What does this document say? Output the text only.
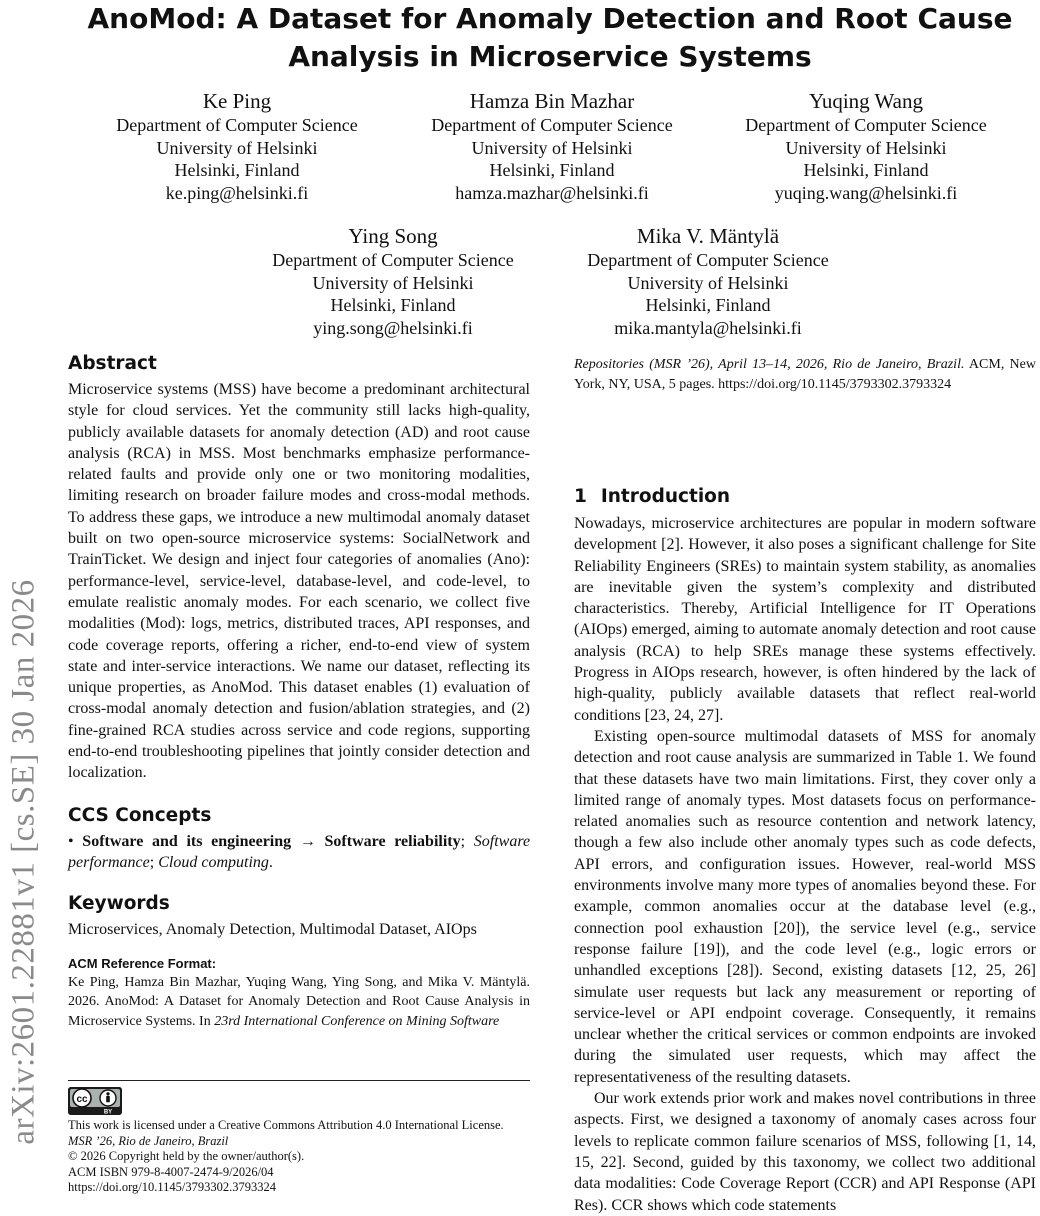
AnoMod: A Dataset for Anomaly Detection and Root Cause Analysis in Microservice Systems
Ke Ping
Department of Computer Science
University of Helsinki
Helsinki, Finland
ke.ping@helsinki.fi
Hamza Bin Mazhar
Department of Computer Science
University of Helsinki
Helsinki, Finland
hamza.mazhar@helsinki.fi
Yuqing Wang
Department of Computer Science
University of Helsinki
Helsinki, Finland
yuqing.wang@helsinki.fi
Ying Song
Department of Computer Science
University of Helsinki
Helsinki, Finland
ying.song@helsinki.fi
Mika V. Mäntylä
Department of Computer Science
University of Helsinki
Helsinki, Finland
mika.mantyla@helsinki.fi
arXiv:2601.22881v1 [cs.SE] 30 Jan 2026
Abstract

Microservice systems (MSS) have become a predominant architectural style for cloud services. Yet the community still lacks high-quality, publicly available datasets for anomaly detection (AD) and root cause analysis (RCA) in MSS. Most benchmarks emphasize performance-related faults and provide only one or two monitoring modalities, limiting research on broader failure modes and cross-modal methods. To address these gaps, we introduce a new multimodal anomaly dataset built on two open-source microservice systems: SocialNetwork and TrainTicket. We design and inject four categories of anomalies (Ano): performance-level, service-level, database-level, and code-level, to emulate realistic anomaly modes. For each scenario, we collect five modalities (Mod): logs, metrics, distributed traces, API responses, and code coverage reports, offering a richer, end-to-end view of system state and inter-service interactions. We name our dataset, reflecting its unique properties, as AnoMod. This dataset enables (1) evaluation of cross-modal anomaly detection and fusion/ablation strategies, and (2) fine-grained RCA studies across service and code regions, supporting end-to-end troubleshooting pipelines that jointly consider detection and localization.

CCS Concepts

• Software and its engineering → Software reliability; Software performance; Cloud computing.

Keywords

Microservices, Anomaly Detection, Multimodal Dataset, AIOps

ACM Reference Format:

Ke Ping, Hamza Bin Mazhar, Yuqing Wang, Ying Song, and Mika V. Mäntylä. 2026. AnoMod: A Dataset for Anomaly Detection and Root Cause Analysis in Microservice Systems. In 23rd International Conference on Mining Software

cc
BY
This work is licensed under a Creative Commons Attribution 4.0 International License.
MSR ’26, Rio de Janeiro, Brazil
© 2026 Copyright held by the owner/author(s).
ACM ISBN 979-8-4007-2474-9/2026/04
https://doi.org/10.1145/3793302.3793324

Repositories (MSR ’26), April 13–14, 2026, Rio de Janeiro, Brazil. ACM, New York, NY, USA, 5 pages. https://doi.org/10.1145/3793302.3793324

1 Introduction

Nowadays, microservice architectures are popular in modern software development [2]. However, it also poses a significant challenge for Site Reliability Engineers (SREs) to maintain system stability, as anomalies are inevitable given the system’s complexity and distributed characteristics. Thereby, Artificial Intelligence for IT Operations (AIOps) emerged, aiming to automate anomaly detection and root cause analysis (RCA) to help SREs manage these systems effectively. Progress in AIOps research, however, is often hindered by the lack of high-quality, publicly available datasets that reflect real-world conditions [23, 24, 27].

Existing open-source multimodal datasets of MSS for anomaly detection and root cause analysis are summarized in Table 1. We found that these datasets have two main limitations. First, they cover only a limited range of anomaly types. Most datasets focus on performance-related anomalies such as resource contention and network latency, though a few also include other anomaly types such as code defects, API errors, and configuration issues. However, real-world MSS environments involve many more types of anomalies beyond these. For example, common anomalies occur at the database level (e.g., connection pool exhaustion [20]), the service level (e.g., service response failure [19]), and the code level (e.g., logic errors or unhandled exceptions [28]). Second, existing datasets [12, 25, 26] simulate user requests but lack any measurement or reporting of service-level or API endpoint coverage. Consequently, it remains unclear whether the critical services or common endpoints are invoked during the simulated user requests, which may affect the representativeness of the resulting datasets.

Our work extends prior work and makes novel contributions in three aspects. First, we designed a taxonomy of anomaly cases across four levels to replicate common failure scenarios of MSS, following [1, 14, 15, 22]. Second, guided by this taxonomy, we collect two additional data modalities: Code Coverage Report (CCR) and API Response (API Res). CCR shows which code statements
